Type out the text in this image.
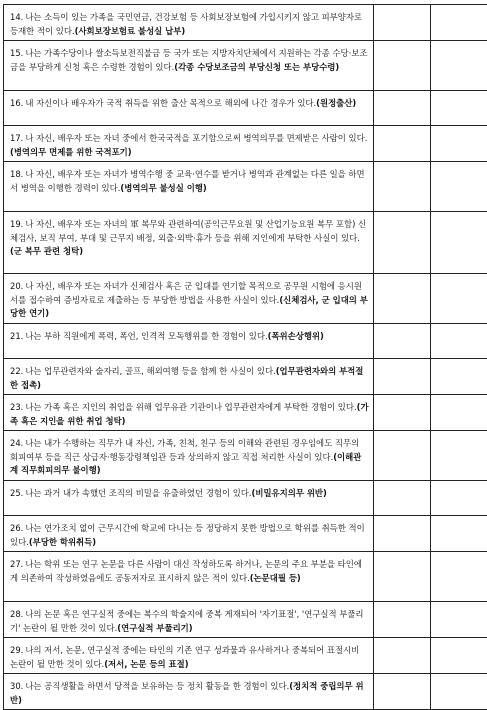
14. 나는 소득이 있는 가족을 국민연금, 건강보험 등 사회보장보험에 가입시키지 않고 피부양자로 등재한 적이 있다.(사회보장보험료 불성실 납부)		
15. 나는 가족수당이나 쌀소득보전직불금 등 국가 또는 지방자치단체에서 지원하는 각종 수당·보조금을 부당하게 신청 혹은 수령한 경험이 있다.(각종 수당보조금의 부당신청 또는 부당수령)		
16. 내 자신이나 배우자가 국적 취득을 위한 출산 목적으로 해외에 나간 경우가 있다.(원정출산)		
17. 나 자신, 배우자 또는 자녀 중에서 한국국적을 포기함으로써 병역의무를 면제받은 사람이 있다.(병역의무 면제를 위한 국적포기)		
18. 나 자신, 배우자 또는 자녀가 병역수행 중 교육·연수를 받거나 병역과 관계없는 다른 일을 하면서 병역을 이행한 경력이 있다.(병역의무 불성실 이행)		
19. 나 자신, 배우자 또는 자녀의 軍 복무와 관련하여(공익근무요원 및 산업기능요원 복무 포함) 신체검사, 보직 부여, 부대 및 근무지 배정, 외출·외박·휴가 등을 위해 지인에게 부탁한 사실이 있다.(군 복무 관련 청탁)		
20. 나 자신, 배우자 또는 자녀가 신체검사 혹은 군 입대를 연기할 목적으로 공무원 시험에 응시원서를 접수하여 증빙자료로 제출하는 등 부당한 방법을 사용한 사실이 있다.(신체검사, 군 입대의 부당한 연기)		
21. 나는 부하 직원에게 폭력, 폭언, 인격적 모독행위를 한 경험이 있다.(폭위손상행위)		
22. 나는 업무관련자와 술자리, 골프, 해외여행 등을 함께 한 사실이 있다.(업무관련자와의 부적절한 접촉)		
23. 나는 가족 혹은 지인의 취업을 위해 업무유관 기관이나 업무관련자에게 부탁한 경험이 있다.(가족 혹은 지인을 위한 취업 청탁)		
24. 나는 내가 수행하는 직무가 내 자신, 가족, 친척, 친구 등의 이해와 관련된 경우임에도 직무의 회피여부 등을 직근 상급자·행동강령책임관 등과 상의하지 않고 직접 처리한 사실이 있다.(이해관계 직무회피의무 불이행)		
25. 나는 과거 내가 속했던 조직의 비밀을 유출하였던 경험이 있다.(비밀유지의무 위반)		
26. 나는 연가조치 없이 근무시간에 학교에 다니는 등 정당하지 못한 방법으로 학위를 취득한 적이 있다.(부당한 학위취득)		
27. 나는 학위 또는 연구 논문을 다른 사람이 대신 작성하도록 하거나, 논문의 주요 부분을 타인에게 의존하여 작성하였음에도 공동저자로 표시하지 않은 적이 있다.(논문대필 등)		
28. 나의 논문 혹은 연구실적 중에는 복수의 학술지에 중복 게재되어 '자기표절', '연구실적 부풀리기' 논란이 될 만한 것이 있다.(연구실적 부풀리기)		
29. 나의 저서, 논문, 연구실적 중에는 타인의 기존 연구 성과물과 유사하거나 중복되어 표절시비 논란이 될 만한 것이 있다.(저서, 논문 등의 표절)		
30. 나는 공직생활을 하면서 당적을 보유하는 등 정치 활동을 한 경험이 있다.(정치적 중립의무 위반)		
